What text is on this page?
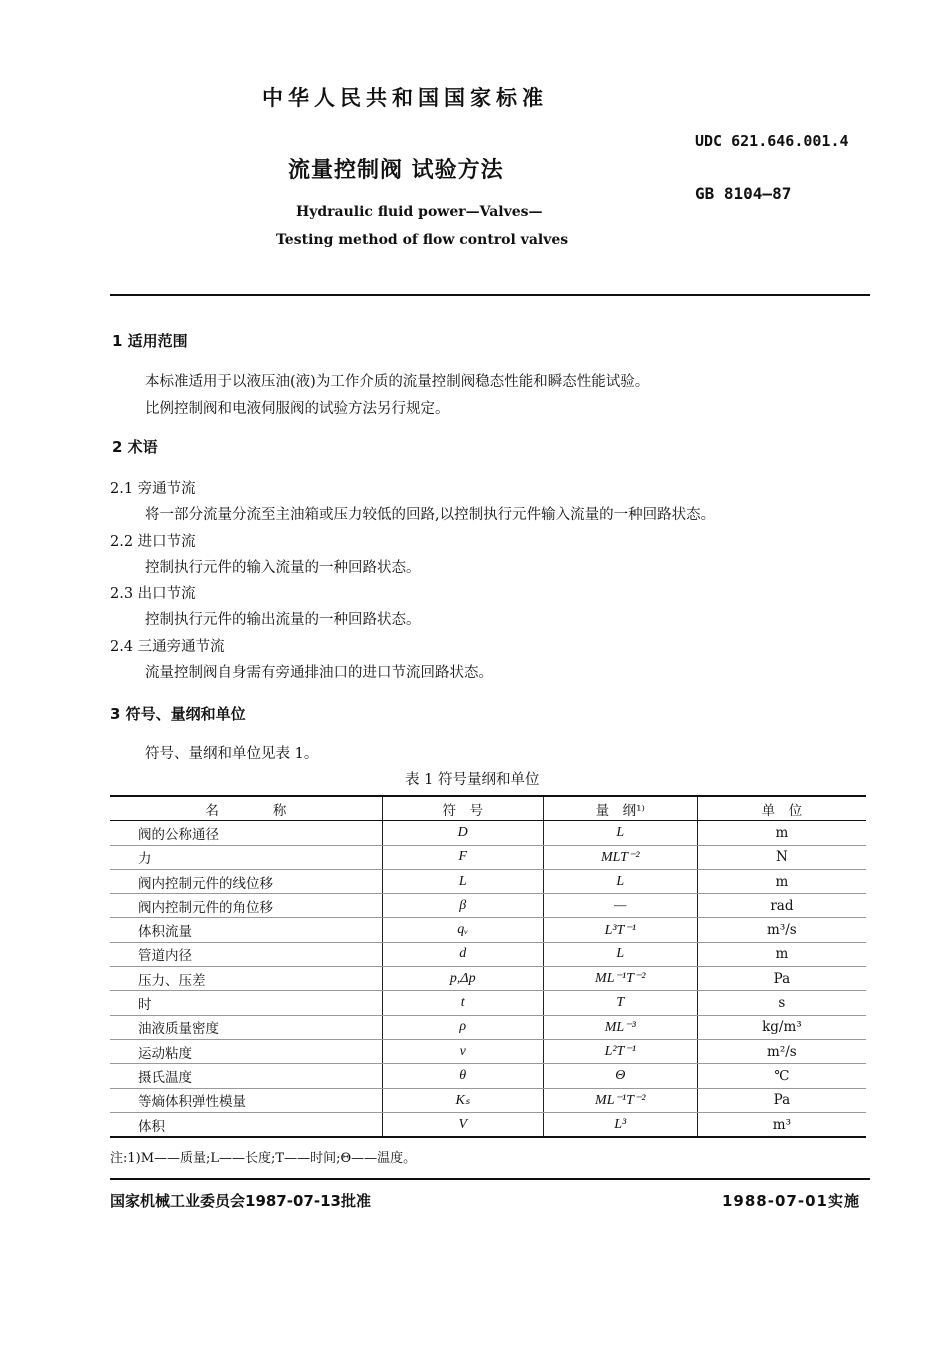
中华人民共和国国家标准
UDC 621.646.001.4
流量控制阀 试验方法
GB 8104—87
Hydraulic fluid power—Valves—
Testing method of flow control valves
1 适用范围
本标准适用于以液压油(液)为工作介质的流量控制阀稳态性能和瞬态性能试验。
比例控制阀和电液伺服阀的试验方法另行规定。
2 术语
2.1 旁通节流
将一部分流量分流至主油箱或压力较低的回路,以控制执行元件输入流量的一种回路状态。
2.2 进口节流
控制执行元件的输入流量的一种回路状态。
2.3 出口节流
控制执行元件的输出流量的一种回路状态。
2.4 三通旁通节流
流量控制阀自身需有旁通排油口的进口节流回路状态。
3 符号、量纲和单位
符号、量纲和单位见表 1。
表 1 符号量纲和单位
名　　　　称	符　号	量　纲¹⁾	单　位
阀的公称通径	D	L	m
力	F	MLT⁻²	N
阀内控制元件的线位移	L	L	m
阀内控制元件的角位移	β	—	rad
体积流量	qᵥ	L³T⁻¹	m³/s
管道内径	d	L	m
压力、压差	p,Δp	ML⁻¹T⁻²	Pa
时	t	T	s
油液质量密度	ρ	ML⁻³	kg/m³
运动粘度	ν	L²T⁻¹	m²/s
摄氏温度	θ	Θ	℃
等熵体积弹性模量	Kₛ	ML⁻¹T⁻²	Pa
体积	V	L³	m³
注:1)M——质量;L——长度;T——时间;Θ——温度。
国家机械工业委员会1987-07-13批准	1988-07-01实施
